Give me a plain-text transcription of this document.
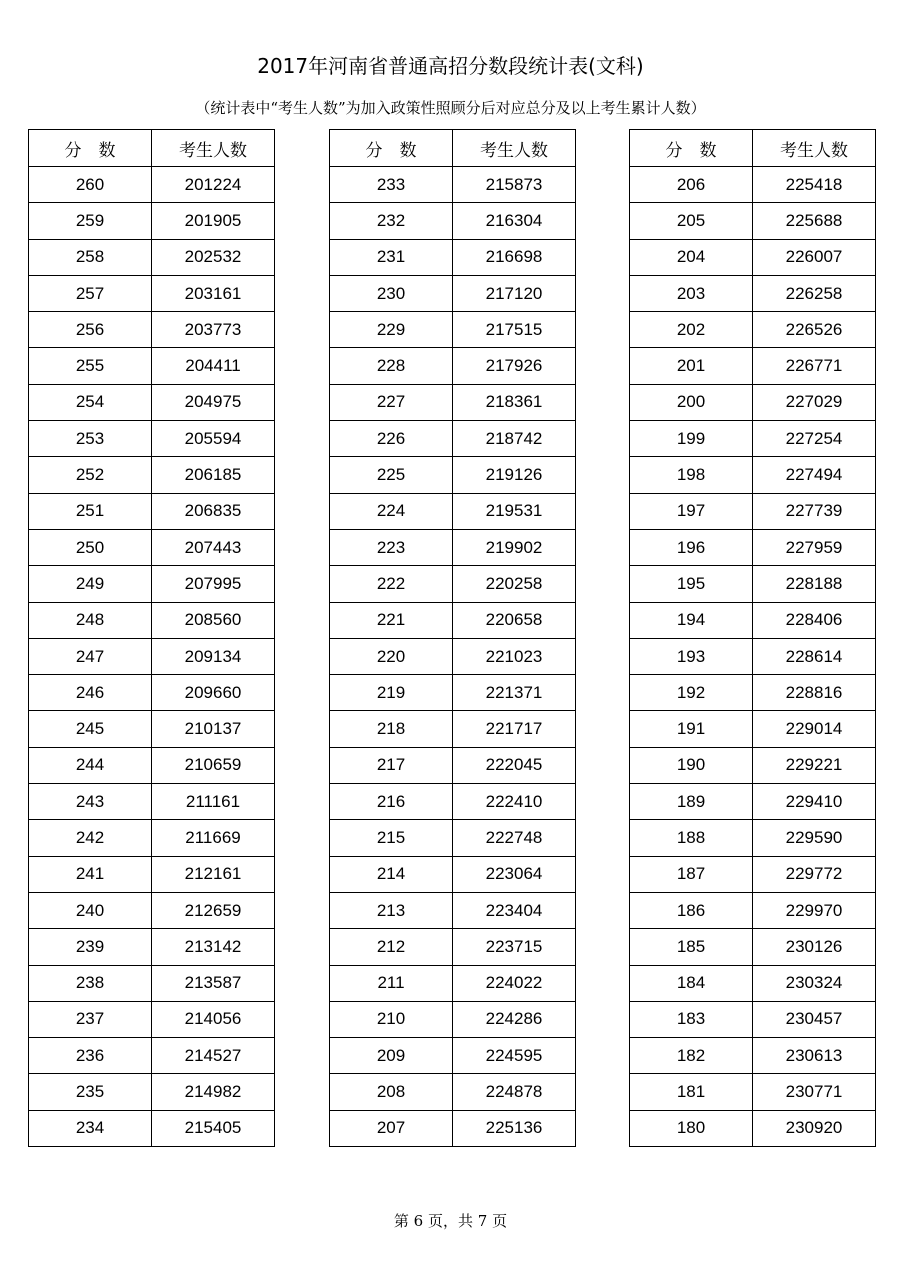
2017年河南省普通高招分数段统计表(文科)
（统计表中“考生人数”为加入政策性照顾分后对应总分及以上考生累计人数）
分　数	考生人数
260	201224
259	201905
258	202532
257	203161
256	203773
255	204411
254	204975
253	205594
252	206185
251	206835
250	207443
249	207995
248	208560
247	209134
246	209660
245	210137
244	210659
243	211161
242	211669
241	212161
240	212659
239	213142
238	213587
237	214056
236	214527
235	214982
234	215405
分　数	考生人数
233	215873
232	216304
231	216698
230	217120
229	217515
228	217926
227	218361
226	218742
225	219126
224	219531
223	219902
222	220258
221	220658
220	221023
219	221371
218	221717
217	222045
216	222410
215	222748
214	223064
213	223404
212	223715
211	224022
210	224286
209	224595
208	224878
207	225136
分　数	考生人数
206	225418
205	225688
204	226007
203	226258
202	226526
201	226771
200	227029
199	227254
198	227494
197	227739
196	227959
195	228188
194	228406
193	228614
192	228816
191	229014
190	229221
189	229410
188	229590
187	229772
186	229970
185	230126
184	230324
183	230457
182	230613
181	230771
180	230920
第 6 页，共 7 页
